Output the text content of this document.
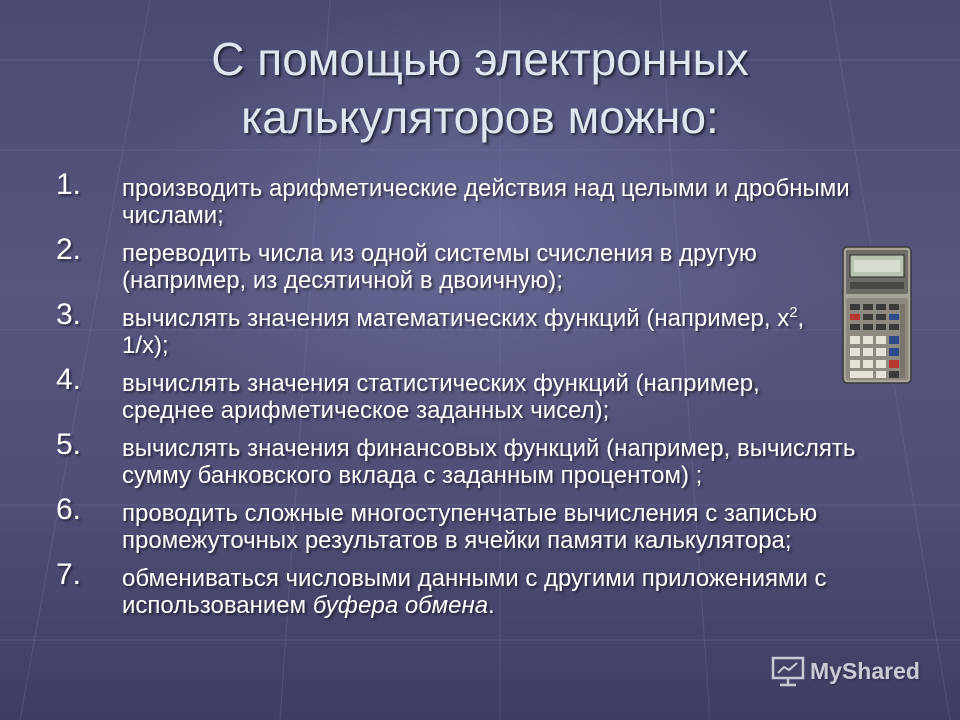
С помощью электронных
калькуляторов можно:
1.	производить арифметические действия над целыми и дробными числами;
2.	переводить числа из одной системы счисления в другую (например, из десятичной в двоичную);
3.	вычислять значения математических функций (например, $x^2$, 1/x);
4.	вычислять значения статистических функций (например, среднее арифметическое заданных чисел);
5.	вычислять значения финансовых функций (например, вычислять сумму банковского вклада с заданным процентом) ;
6.	проводить сложные многоступенчатые вычисления с записью промежуточных результатов в ячейки памяти калькулятора;
7.	обмениваться числовыми данными с другими приложениями с использованием буфера обмена.
MyShared
